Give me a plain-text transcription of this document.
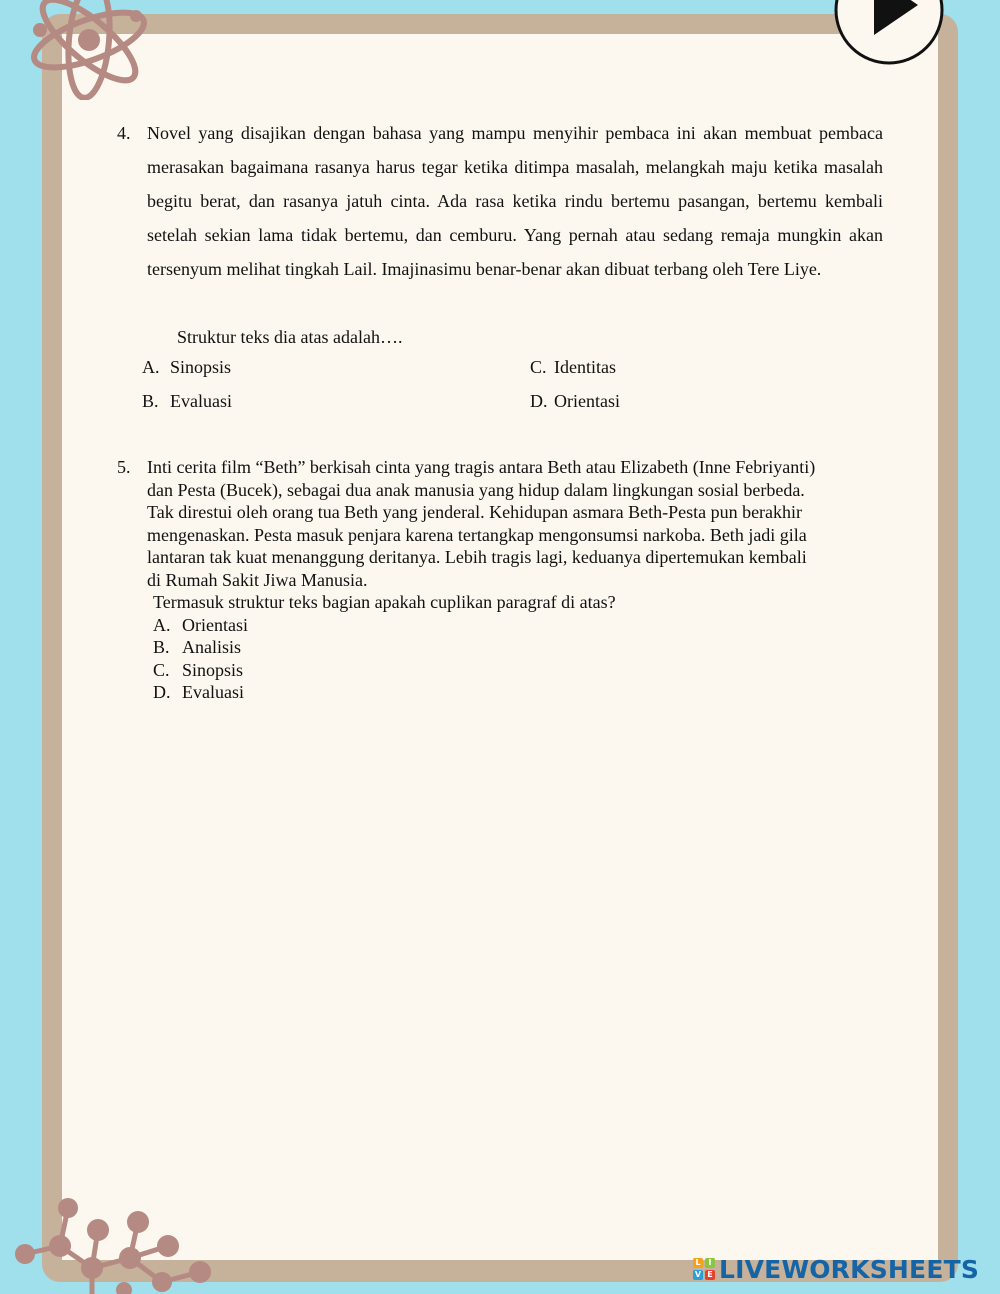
4. Novel yang disajikan dengan bahasa yang mampu menyihir pembaca ini akan membuat pembaca merasakan bagaimana rasanya harus tegar ketika ditimpa masalah, melangkah maju ketika masalah begitu berat, dan rasanya jatuh cinta. Ada rasa ketika rindu bertemu pasangan, bertemu kembali setelah sekian lama tidak bertemu, dan cemburu. Yang pernah atau sedang remaja mungkin akan tersenyum melihat tingkah Lail. Imajinasimu benar-benar akan dibuat terbang oleh Tere Liye.
Struktur teks dia atas adalah….
A. Sinopsis
B. Evaluasi
C. Identitas
D. Orientasi
5. Inti cerita film “Beth” berkisah cinta yang tragis antara Beth atau Elizabeth (Inne Febriyanti)
dan Pesta (Bucek), sebagai dua anak manusia yang hidup dalam lingkungan sosial berbeda.
Tak direstui oleh orang tua Beth yang jenderal. Kehidupan asmara Beth-Pesta pun berakhir
mengenaskan. Pesta masuk penjara karena tertangkap mengonsumsi narkoba. Beth jadi gila
lantaran tak kuat menanggung deritanya. Lebih tragis lagi, keduanya dipertemukan kembali
di Rumah Sakit Jiwa Manusia.
Termasuk struktur teks bagian apakah cuplikan paragraf di atas?
A. Orientasi
B. Analisis
C. Sinopsis
D. Evaluasi
L I
V E LIVEWORKSHEETS
